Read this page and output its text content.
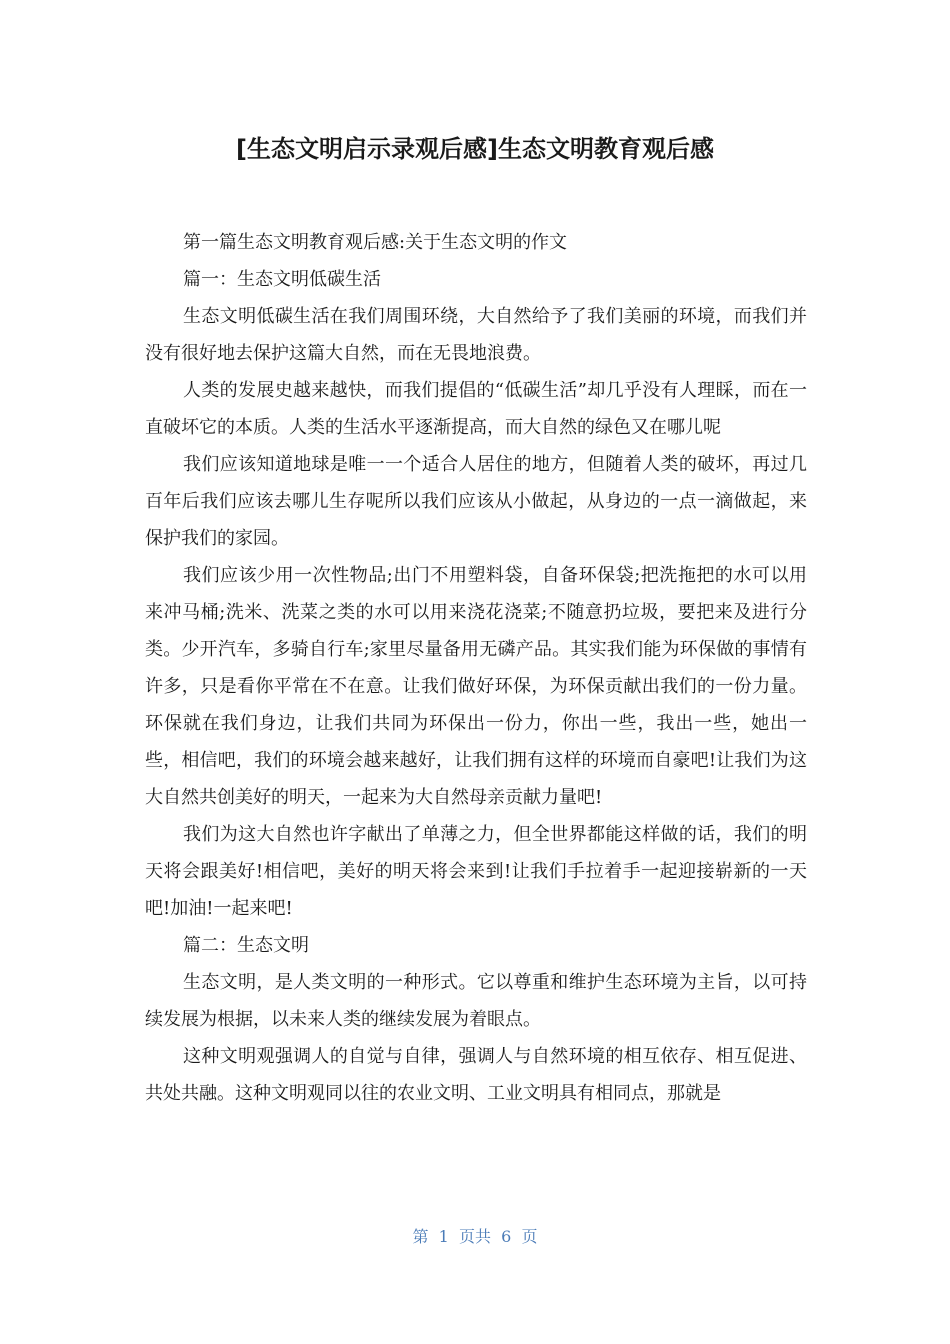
[生态文明启示录观后感]生态文明教育观后感

第一篇生态文明教育观后感:关于生态文明的作文

篇一：生态文明低碳生活

生态文明低碳生活在我们周围环绕，大自然给予了我们美丽的环境，而我们并没有很好地去保护这篇大自然，而在无畏地浪费。

人类的发展史越来越快，而我们提倡的“低碳生活”却几乎没有人理睬，而在一直破坏它的本质。人类的生活水平逐渐提高，而大自然的绿色又在哪儿呢

我们应该知道地球是唯一一个适合人居住的地方，但随着人类的破坏，再过几百年后我们应该去哪儿生存呢所以我们应该从小做起，从身边的一点一滴做起，来保护我们的家园。

我们应该少用一次性物品;出门不用塑料袋，自备环保袋;把洗拖把的水可以用来冲马桶;洗米、洗菜之类的水可以用来浇花浇菜;不随意扔垃圾，要把来及进行分类。少开汽车，多骑自行车;家里尽量备用无磷产品。其实我们能为环保做的事情有许多，只是看你平常在不在意。让我们做好环保，为环保贡献出我们的一份力量。环保就在我们身边，让我们共同为环保出一份力，你出一些，我出一些，她出一些，相信吧，我们的环境会越来越好，让我们拥有这样的环境而自豪吧!让我们为这大自然共创美好的明天，一起来为大自然母亲贡献力量吧!

我们为这大自然也许字献出了单薄之力，但全世界都能这样做的话，我们的明天将会跟美好!相信吧，美好的明天将会来到!让我们手拉着手一起迎接崭新的一天吧!加油!一起来吧!

篇二：生态文明

生态文明，是人类文明的一种形式。它以尊重和维护生态环境为主旨，以可持续发展为根据，以未来人类的继续发展为着眼点。

这种文明观强调人的自觉与自律，强调人与自然环境的相互依存、相互促进、共处共融。这种文明观同以往的农业文明、工业文明具有相同点，那就是

第  1  页共  6  页
